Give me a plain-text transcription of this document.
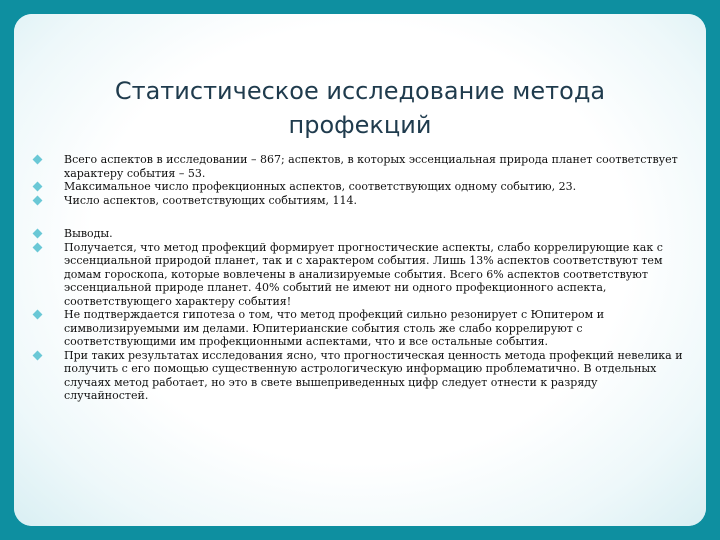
Статистическое исследование метода профекций
Всего аспектов в исследовании – 867; аспектов, в которых эссенциальная природа планет соответствует характеру события – 53.
Максимальное число профекционных аспектов, соответствующих одному событию, 23.
Число аспектов, соответствующих событиям, 114.
Выводы.
Получается, что метод профекций формирует прогностические аспекты, слабо коррелирующие как с эссенциальной природой планет, так и с характером события. Лишь 13% аспектов соответствуют тем домам гороскопа, которые вовлечены в анализируемые события. Всего 6% аспектов соответствуют эссенциальной природе планет. 40% событий не имеют ни одного профекционного аспекта, соответствующего характеру события!
Не подтверждается гипотеза о том, что метод профекций сильно резонирует с Юпитером и символизируемыми им делами. Юпитерианские события столь же слабо коррелируют с соответствующими им профекционными аспектами, что и все остальные события.
При таких результатах исследования ясно, что прогностическая ценность метода профекций невелика и получить с его помощью существенную астрологическую информацию проблематично. В отдельных случаях метод работает, но это в свете вышеприведенных цифр следует отнести к разряду случайностей.
